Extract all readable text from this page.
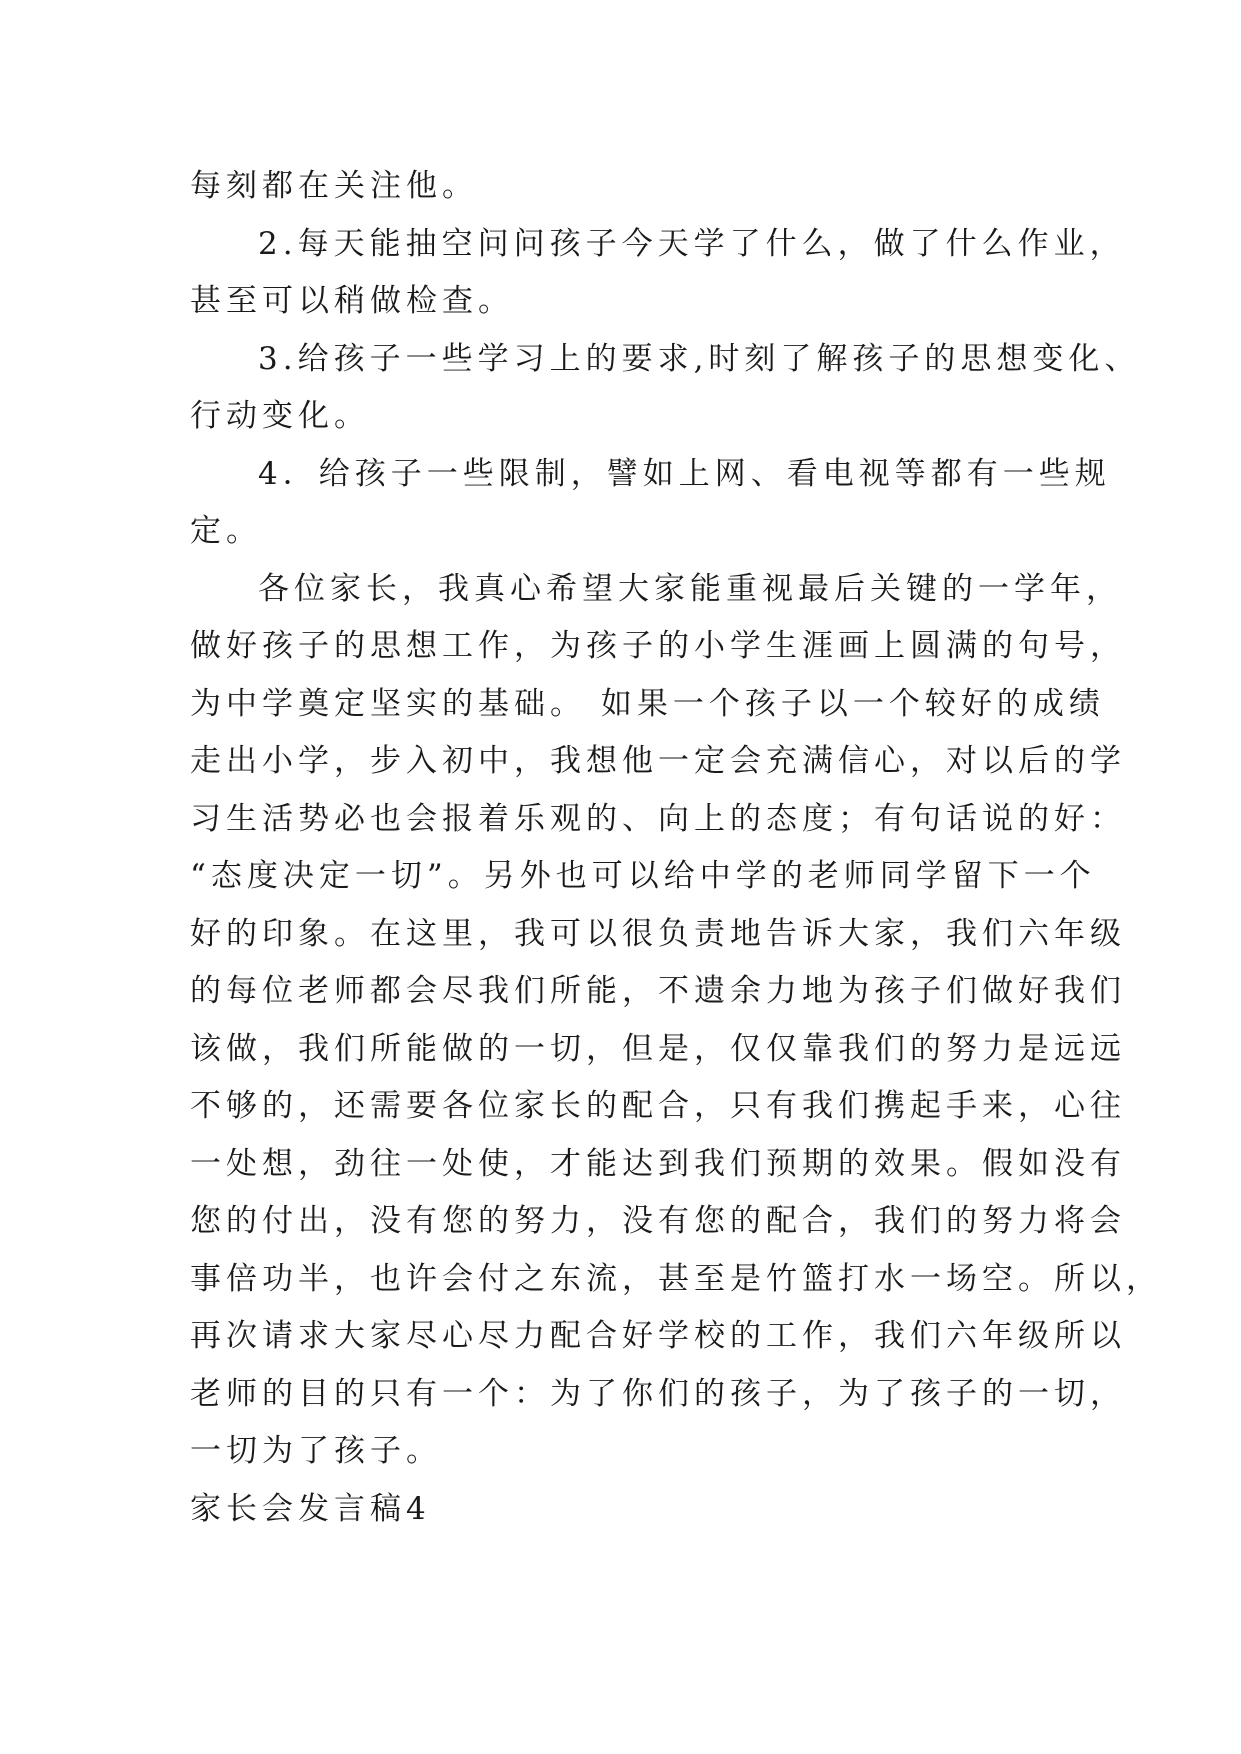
每刻都在关注他。
2.每天能抽空问问孩子今天学了什么，做了什么作业，
甚至可以稍做检查。
3.给孩子一些学习上的要求,时刻了解孩子的思想变化、
行动变化。
4．给孩子一些限制，譬如上网、看电视等都有一些规
定。
各位家长，我真心希望大家能重视最后关键的一学年，
做好孩子的思想工作，为孩子的小学生涯画上圆满的句号，
为中学奠定坚实的基础。 如果一个孩子以一个较好的成绩
走出小学，步入初中，我想他一定会充满信心，对以后的学
习生活势必也会报着乐观的、向上的态度；有句话说的好：
“态度决定一切”。另外也可以给中学的老师同学留下一个
好的印象。在这里，我可以很负责地告诉大家，我们六年级
的每位老师都会尽我们所能，不遗余力地为孩子们做好我们
该做，我们所能做的一切，但是，仅仅靠我们的努力是远远
不够的，还需要各位家长的配合，只有我们携起手来，心往
一处想，劲往一处使，才能达到我们预期的效果。假如没有
您的付出，没有您的努力，没有您的配合，我们的努力将会
事倍功半，也许会付之东流，甚至是竹篮打水一场空。所以，
再次请求大家尽心尽力配合好学校的工作，我们六年级所以
老师的目的只有一个：为了你们的孩子，为了孩子的一切，
一切为了孩子。
家长会发言稿4
